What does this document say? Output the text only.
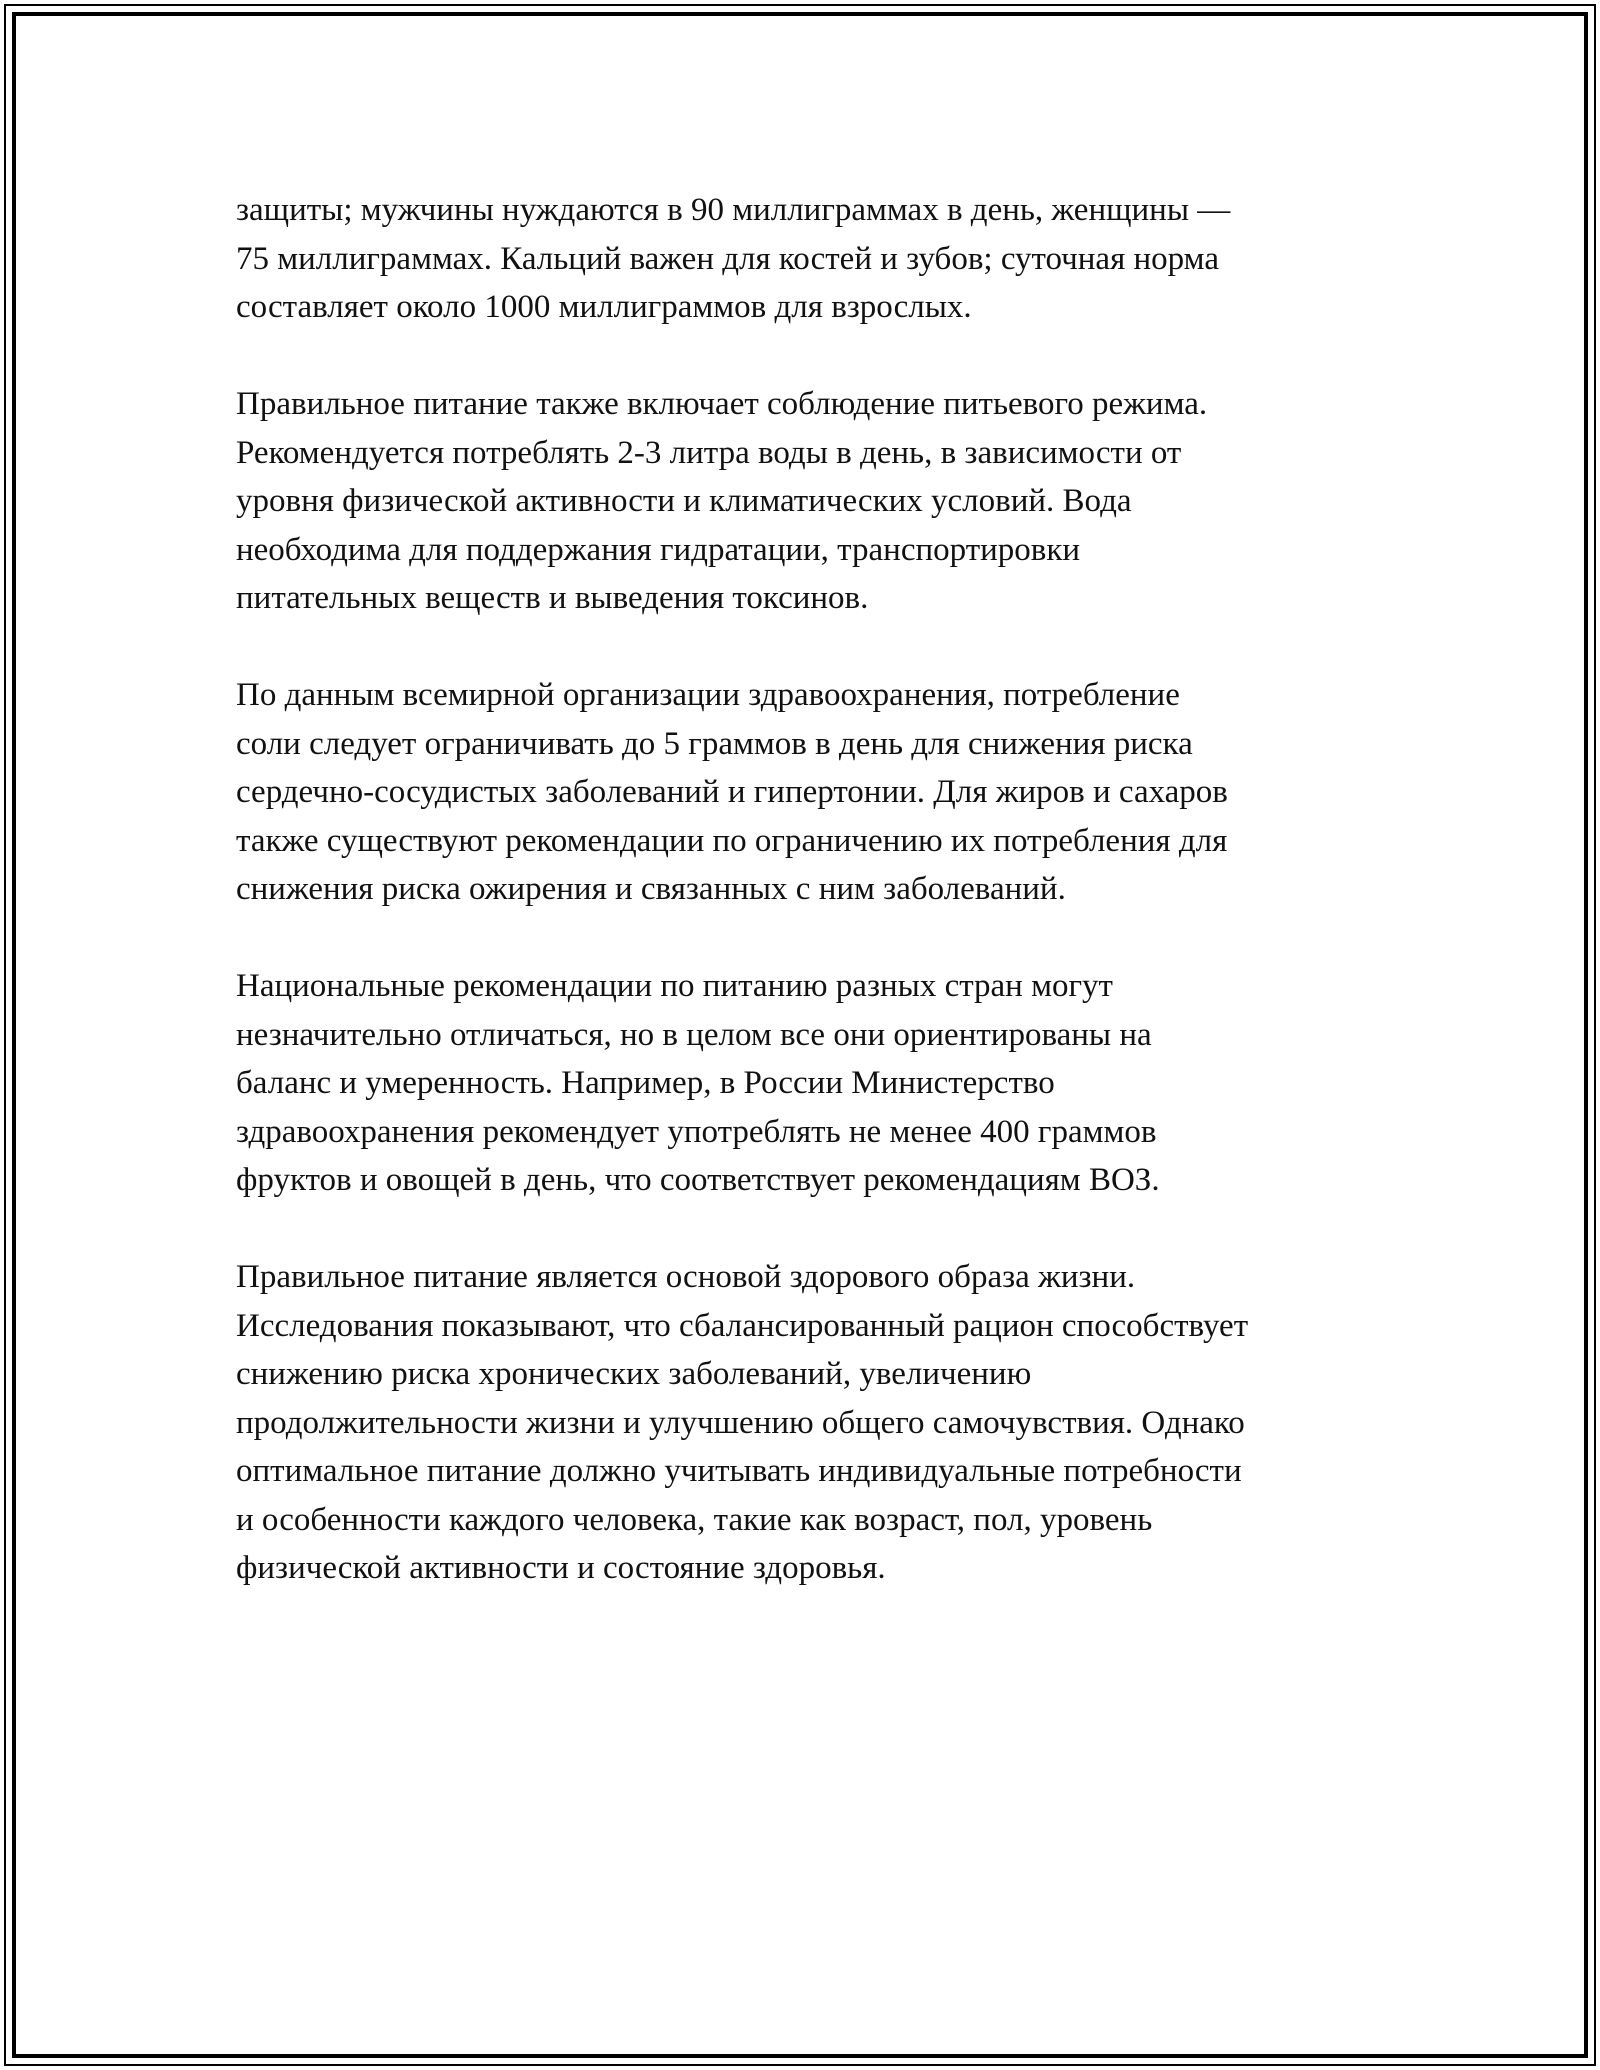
защиты; мужчины нуждаются в 90 миллиграммах в день, женщины —
75 миллиграммах. Кальций важен для костей и зубов; суточная норма
составляет около 1000 миллиграммов для взрослых.

Правильное питание также включает соблюдение питьевого режима.
Рекомендуется потреблять 2-3 литра воды в день, в зависимости от
уровня физической активности и климатических условий. Вода
необходима для поддержания гидратации, транспортировки
питательных веществ и выведения токсинов.

По данным всемирной организации здравоохранения, потребление
соли следует ограничивать до 5 граммов в день для снижения риска
сердечно-сосудистых заболеваний и гипертонии. Для жиров и сахаров
также существуют рекомендации по ограничению их потребления для
снижения риска ожирения и связанных с ним заболеваний.

Национальные рекомендации по питанию разных стран могут
незначительно отличаться, но в целом все они ориентированы на
баланс и умеренность. Например, в России Министерство
здравоохранения рекомендует употреблять не менее 400 граммов
фруктов и овощей в день, что соответствует рекомендациям ВОЗ.

Правильное питание является основой здорового образа жизни.
Исследования показывают, что сбалансированный рацион способствует
снижению риска хронических заболеваний, увеличению
продолжительности жизни и улучшению общего самочувствия. Однако
оптимальное питание должно учитывать индивидуальные потребности
и особенности каждого человека, такие как возраст, пол, уровень
физической активности и состояние здоровья.
